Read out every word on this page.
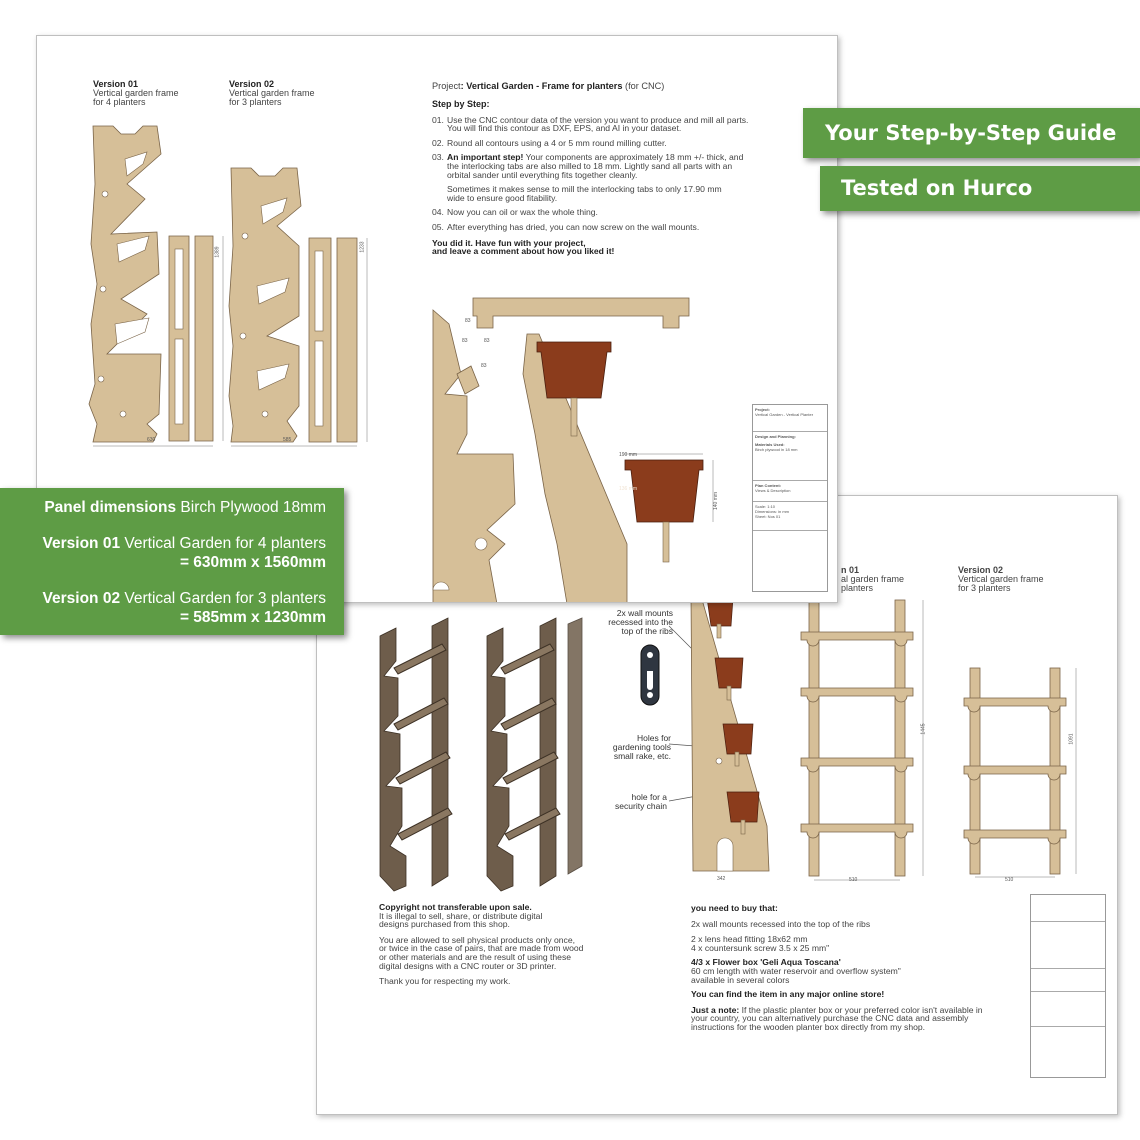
n 01
al garden frame
planters
Version 02
Vertical garden frame
for 3 planters
2x wall mounts
recessed into the
top of the ribs
Holes for
gardening tools
small rake, etc.
hole for a
security chain
342
1445
510
1091
510
Copyright not transferable upon sale.
It is illegal to sell, share, or distribute digital
designs purchased from this shop.
You are allowed to sell physical products only once,
or twice in the case of pairs, that are made from wood
or other materials and are the result of using these
digital designs with a CNC router or 3D printer.
Thank you for respecting my work.
you need to buy that:
2x wall mounts recessed into the top of the ribs
2 x lens head fitting 18x62 mm
4 x countersunk screw 3.5 x 25 mm"
4/3 x Flower box 'Geli Aqua Toscana'
60 cm length with water reservoir and overflow system"
available in several colors
You can find the item in any major online store!
Just a note: If the plastic planter box or your preferred color isn't available in
your country, you can alternatively purchase the CNC data and assembly
instructions for the wooden planter box directly from my shop.
Version 01
Vertical garden frame
for 4 planters
Version 02
Vertical garden frame
for 3 planters
1389
630
1233
585
Project: Vertical Garden - Frame for planters (for CNC)
Step by Step:
01. Use the CNC contour data of the version you want to produce and mill all parts.
You will find this contour as DXF, EPS, and AI in your dataset.
02. Round all contours using a 4 or 5 mm round milling cutter.
03. An important step! Your components are approximately 18 mm +/- thick, and
the interlocking tabs are also milled to 18 mm. Lightly sand all parts with an
orbital sander until everything fits together cleanly.
Sometimes it makes sense to mill the interlocking tabs to only 17.90 mm
wide to ensure good fitability.
04. Now you can oil or wax the whole thing.
05. After everything has dried, you can now screw on the wall mounts.
You did it. Have fun with your project,
and leave a comment about how you liked it!
83
83	83
83
190 mm
136 mm
140 mm
Project:
Vertical Garden - Vertical Planter
Design and Planning:
Materials Used:
Birch plywood in 18 mm
Plan Content:
Views & Description
Scale: 1:10
Dimensions: in mm
Sheet: Nos 01
Your Step-by-Step Guide
Tested on Hurco
Panel dimensions Birch Plywood 18mm
Version 01 Vertical Garden for 4 planters
= 630mm x 1560mm
Version 02 Vertical Garden for 3 planters
= 585mm x 1230mm
